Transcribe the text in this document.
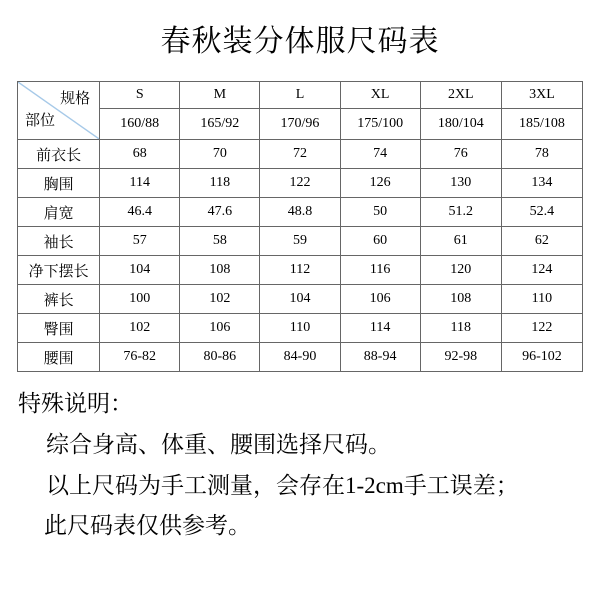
春秋装分体服尺码表
规格
部位	S	M	L	XL	2XL	3XL
	160/88	165/92	170/96	175/100	180/104	185/108
前衣长	68	70	72	74	76	78
胸围	114	118	122	126	130	134
肩宽	46.4	47.6	48.8	50	51.2	52.4
袖长	57	58	59	60	61	62
净下摆长	104	108	112	116	120	124
裤长	100	102	104	106	108	110
臀围	102	106	110	114	118	122
腰围	76-82	80-86	84-90	88-94	92-98	96-102
特殊说明：
综合身高、体重、腰围选择尺码。
以上尺码为手工测量，会存在1-2cm手工误差；
此尺码表仅供参考。
